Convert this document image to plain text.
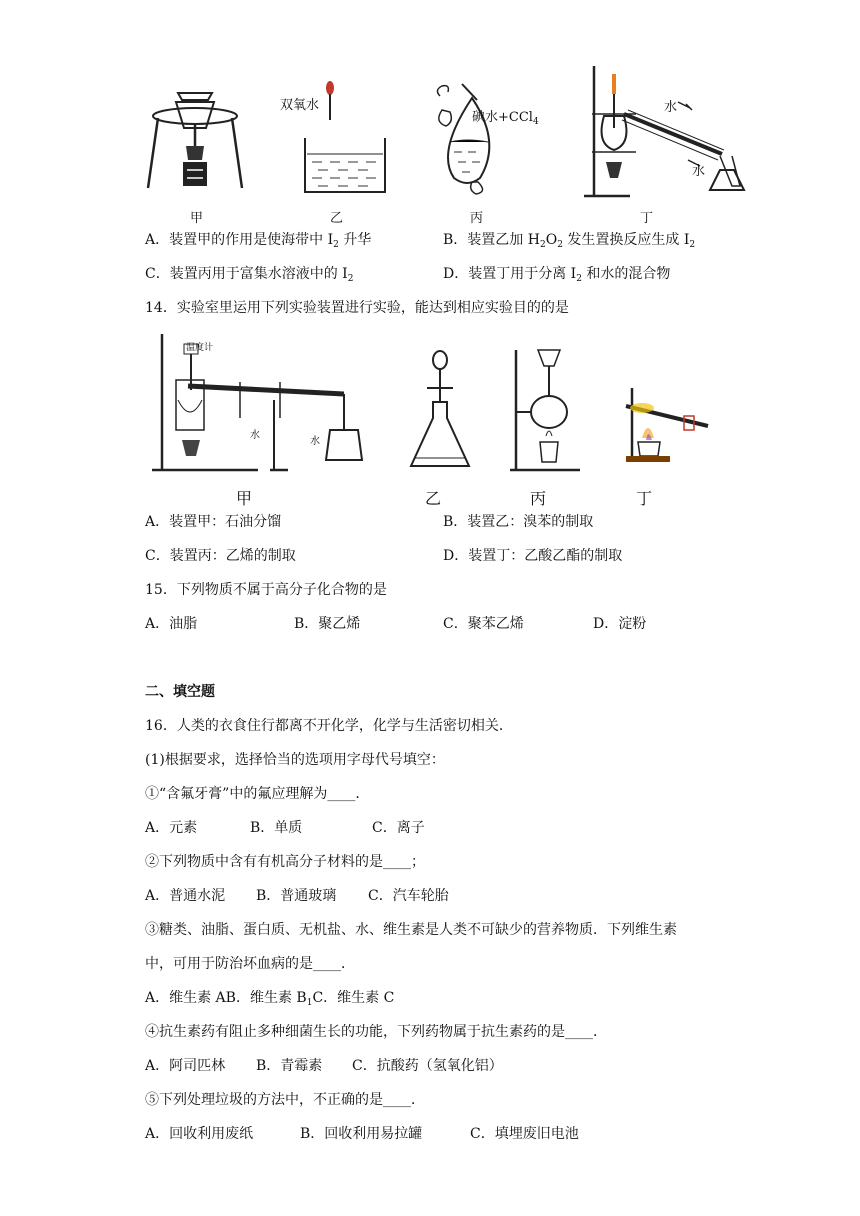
双氧水
碘水+CCl$_4$
水
水
甲	乙	丙	丁
A．装置甲的作用是使海带中 $I_2$ 升华	B．装置乙加 $H_2O_2$ 发生置换反应生成 $I_2$
C．装置丙用于富集水溶液中的 $I_2$	D．装置丁用于分离 $I_2$ 和水的混合物
14．实验室里运用下列实验装置进行实验，能达到相应实验目的的是
温度计
水
水
甲	乙	丙	丁
A．装置甲：石油分馏	B．装置乙：溴苯的制取
C．装置丙：乙烯的制取	D．装置丁：乙酸乙酯的制取
15．下列物质不属于高分子化合物的是
A．油脂	B．聚乙烯	C．聚苯乙烯	D．淀粉
二、填空题
16．人类的衣食住行都离不开化学，化学与生活密切相关．
(1)根据要求，选择恰当的选项用字母代号填空：
①“含氟牙膏”中的氟应理解为____．
A．元素	B．单质	C．离子
②下列物质中含有有机高分子材料的是____；
A．普通水泥 B．普通玻璃 C．汽车轮胎
③糖类、油脂、蛋白质、无机盐、水、维生素是人类不可缺少的营养物质．下列维生素
中，可用于防治坏血病的是____．
A．维生素 AB．维生素 $B_1C$．维生素 C
④抗生素药有阻止多种细菌生长的功能，下列药物属于抗生素药的是____．
A．阿司匹林 B．青霉素 C．抗酸药（氢氧化铝）
⑤下列处理垃圾的方法中，不正确的是____．
A．回收利用废纸	B．回收利用易拉罐	C．填埋废旧电池
